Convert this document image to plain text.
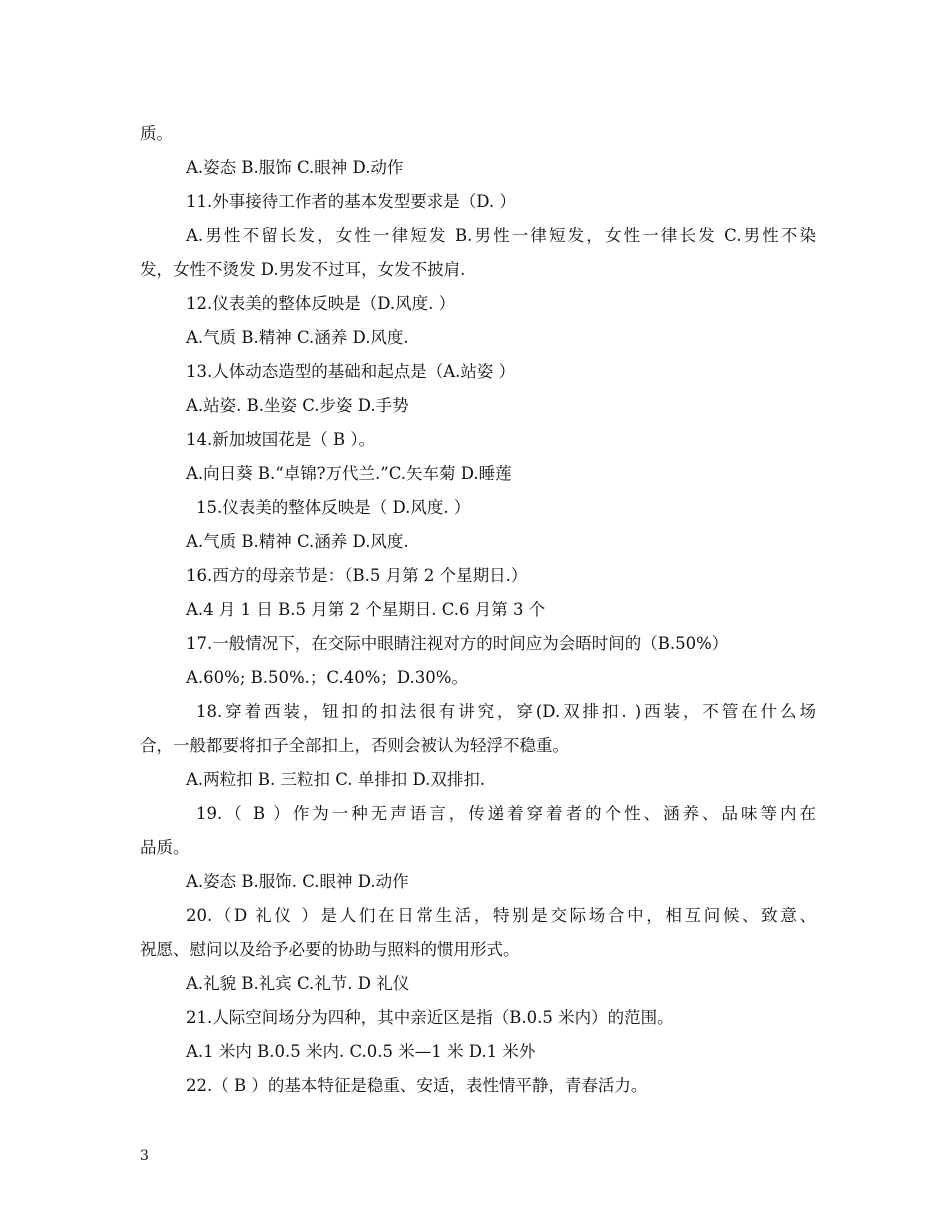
质。
A.姿态 B.服饰 C.眼神 D.动作
11.外事接待工作者的基本发型要求是（D. ）
A.男性不留长发，女性一律短发 B.男性一律短发，女性一律长发 C.男性不染
发，女性不烫发 D.男发不过耳，女发不披肩.
12.仪表美的整体反映是（D.风度. ）
A.气质 B.精神 C.涵养 D.风度.
13.人体动态造型的基础和起点是（A.站姿 ）
A.站姿. B.坐姿 C.步姿 D.手势
14.新加坡国花是（ B ）。
A.向日葵 B.“卓锦?万代兰.”C.矢车菊 D.睡莲
15.仪表美的整体反映是（ D.风度. ）
A.气质 B.精神 C.涵养 D.风度.
16.西方的母亲节是：（B.5 月第 2 个星期日.）
A.4 月 1 日 B.5 月第 2 个星期日. C.6 月第 3 个
17.一般情况下，在交际中眼睛注视对方的时间应为会晤时间的（B.50%）
A.60%; B.50%.；C.40%；D.30%。
18.穿着西装，钮扣的扣法很有讲究，穿(D.双排扣. )西装，不管在什么场
合，一般都要将扣子全部扣上，否则会被认为轻浮不稳重。
A.两粒扣 B. 三粒扣 C. 单排扣 D.双排扣.
19.（ B ）作为一种无声语言，传递着穿着者的个性、涵养、品味等内在
品质。
A.姿态 B.服饰. C.眼神 D.动作
20.（D 礼仪 ）是人们在日常生活，特别是交际场合中，相互问候、致意、
祝愿、慰问以及给予必要的协助与照料的惯用形式。
A.礼貌 B.礼宾 C.礼节. D 礼仪
21.人际空间场分为四种，其中亲近区是指（B.0.5 米内）的范围。
A.1 米内 B.0.5 米内. C.0.5 米—1 米 D.1 米外
22.（ B ）的基本特征是稳重、安适，表性情平静，青春活力。
3
